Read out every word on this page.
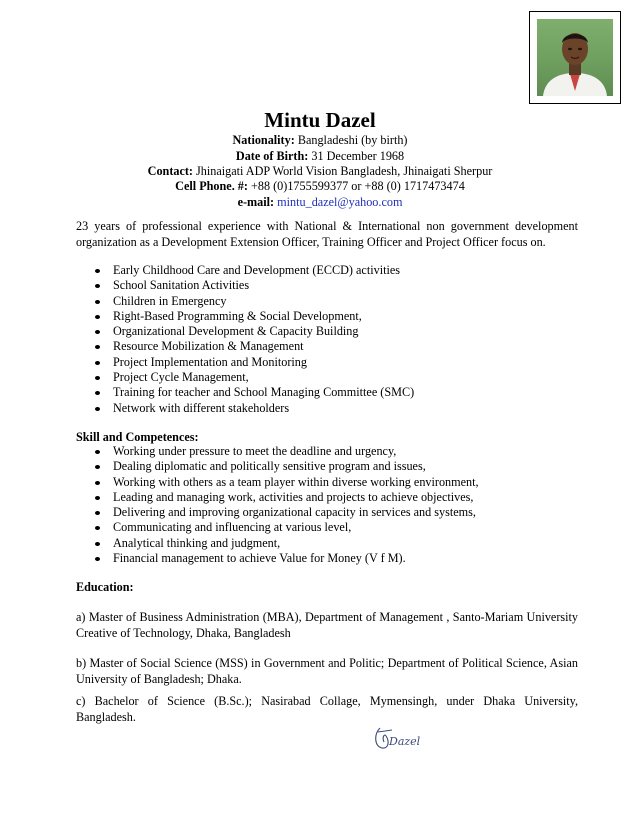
Mintu Dazel
Nationality: Bangladeshi (by birth)
Date of Birth: 31 December 1968
Contact: Jhinaigati ADP World Vision Bangladesh, Jhinaigati Sherpur
Cell Phone. #: +88 (0)1755599377 or +88 (0) 1717473474
e-mail: mintu_dazel@yahoo.com

23 years of professional experience with National & International non government development organization as a Development Extension Officer, Training Officer and Project Officer focus on.

Early Childhood Care and Development (ECCD) activities
School Sanitation Activities
Children in Emergency
Right-Based Programming & Social Development,
Organizational Development & Capacity Building
Resource Mobilization & Management
Project Implementation and Monitoring
Project Cycle Management,
Training for teacher and School Managing Committee (SMC)
Network with different stakeholders
Skill and Competences:
Working under pressure to meet the deadline and urgency,
Dealing diplomatic and politically sensitive program and issues,
Working with others as a team player within diverse working environment,
Leading and managing work, activities and projects to achieve objectives,
Delivering and improving organizational capacity in services and systems,
Communicating and influencing at various level,
Analytical thinking and judgment,
Financial management to achieve Value for Money (V f M).
Education:

a) Master of Business Administration (MBA), Department of Management , Santo-Mariam University Creative of Technology, Dhaka, Bangladesh

b) Master of Social Science (MSS) in Government and Politic; Department of Political Science, Asian University of Bangladesh; Dhaka.

c) Bachelor of Science (B.Sc.); Nasirabad Collage, Mymensingh, under Dhaka University, Bangladesh.

Dazel
